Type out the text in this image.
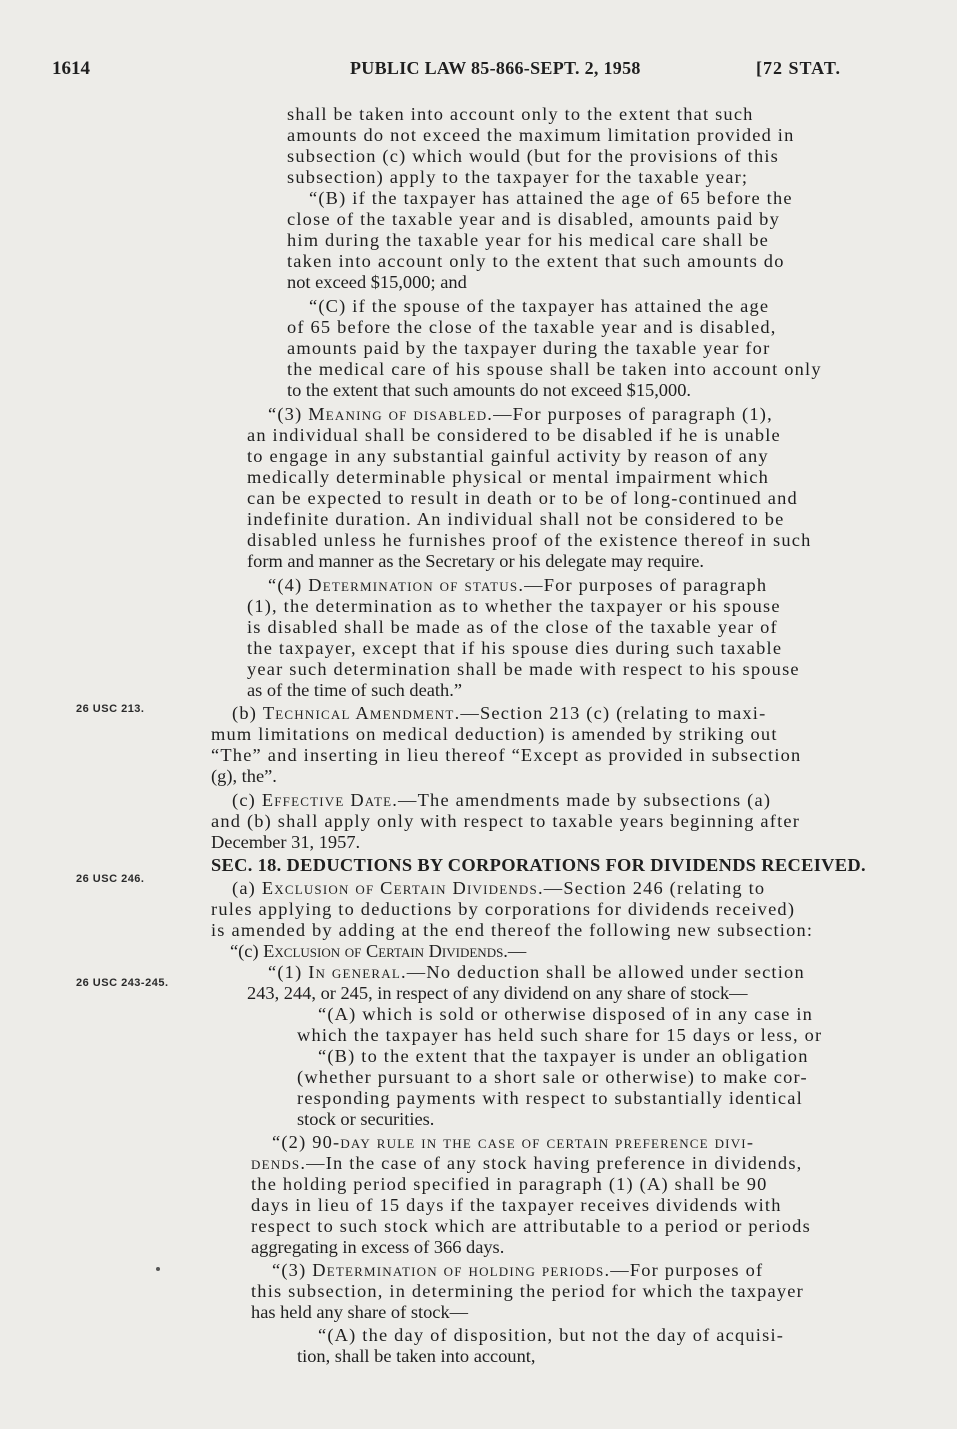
1614	PUBLIC LAW 85-866-SEPT. 2, 1958	[72 STAT.
26 USC 213.
26 USC 246.
26 USC 243-245.
shall be taken into account only to the extent that such
amounts do not exceed the maximum limitation provided in
subsection (c) which would (but for the provisions of this
subsection) apply to the taxpayer for the taxable year;
“(B) if the taxpayer has attained the age of 65 before the
close of the taxable year and is disabled, amounts paid by
him during the taxable year for his medical care shall be
taken into account only to the extent that such amounts do
not exceed $15,000; and
“(C) if the spouse of the taxpayer has attained the age
of 65 before the close of the taxable year and is disabled,
amounts paid by the taxpayer during the taxable year for
the medical care of his spouse shall be taken into account only
to the extent that such amounts do not exceed $15,000.
“(3) Meaning of disabled.—For purposes of paragraph (1),
an individual shall be considered to be disabled if he is unable
to engage in any substantial gainful activity by reason of any
medically determinable physical or mental impairment which
can be expected to result in death or to be of long-continued and
indefinite duration. An individual shall not be considered to be
disabled unless he furnishes proof of the existence thereof in such
form and manner as the Secretary or his delegate may require.
“(4) Determination of status.—For purposes of paragraph
(1), the determination as to whether the taxpayer or his spouse
is disabled shall be made as of the close of the taxable year of
the taxpayer, except that if his spouse dies during such taxable
year such determination shall be made with respect to his spouse
as of the time of such death.”
(b) Technical Amendment.—Section 213 (c) (relating to maxi-
mum limitations on medical deduction) is amended by striking out
“The” and inserting in lieu thereof “Except as provided in subsection
(g), the”.
(c) Effective Date.—The amendments made by subsections (a)
and (b) shall apply only with respect to taxable years beginning after
December 31, 1957.
SEC. 18. DEDUCTIONS BY CORPORATIONS FOR DIVIDENDS RECEIVED.
(a) Exclusion of Certain Dividends.—Section 246 (relating to
rules applying to deductions by corporations for dividends received)
is amended by adding at the end thereof the following new subsection:
“(c) Exclusion of Certain Dividends.—
“(1) In general.—No deduction shall be allowed under section
243, 244, or 245, in respect of any dividend on any share of stock—
“(A) which is sold or otherwise disposed of in any case in
which the taxpayer has held such share for 15 days or less, or
“(B) to the extent that the taxpayer is under an obligation
(whether pursuant to a short sale or otherwise) to make cor-
responding payments with respect to substantially identical
stock or securities.
“(2) 90-day rule in the case of certain preference divi-
dends.—In the case of any stock having preference in dividends,
the holding period specified in paragraph (1) (A) shall be 90
days in lieu of 15 days if the taxpayer receives dividends with
respect to such stock which are attributable to a period or periods
aggregating in excess of 366 days.
“(3) Determination of holding periods.—For purposes of
this subsection, in determining the period for which the taxpayer
has held any share of stock—
“(A) the day of disposition, but not the day of acquisi-
tion, shall be taken into account,
